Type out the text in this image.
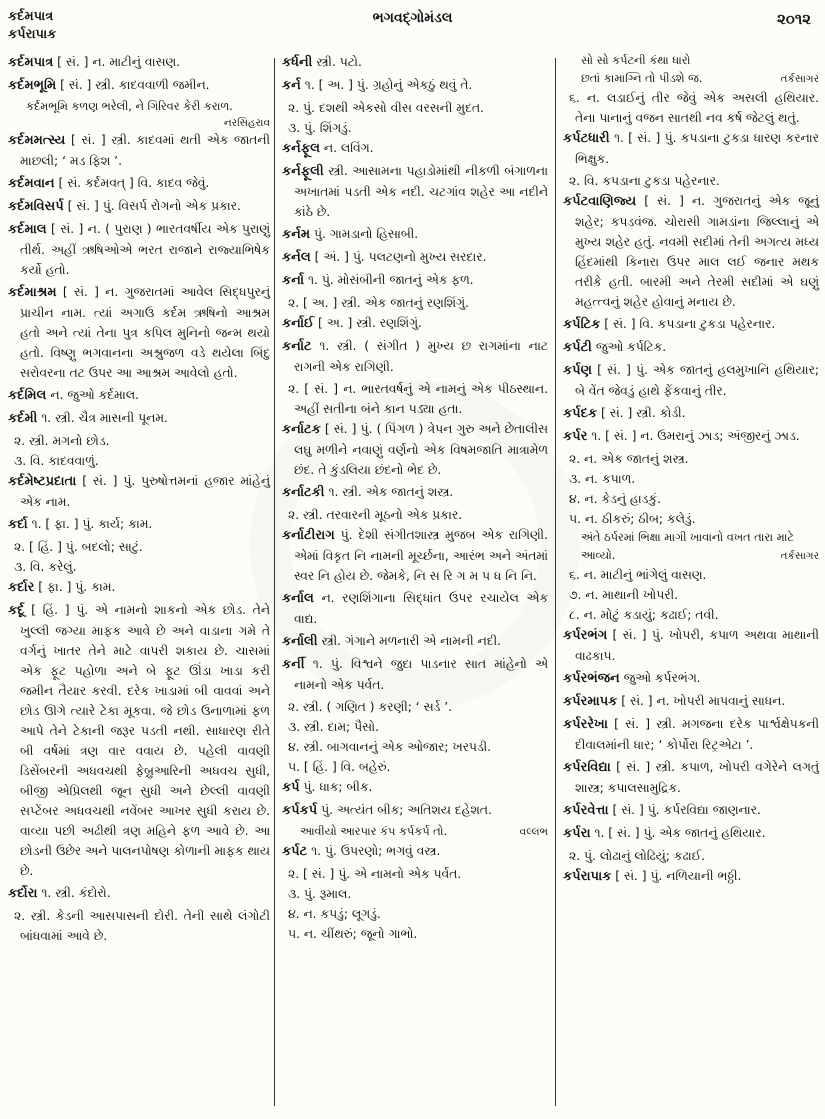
કર્દમપાત્ર
કર્પરાપાક
ભગવદ્ગોમંડલ	૨૦૧૨
કર્દમપાત્ર [ સં. ] ન. માટીનું વાસણ.
કર્દમભૂમિ [ સં. ] સ્ત્રી. કાદવવાળી જમીન.
કર્દમભૂમિ કળણ ભરેલી, ને ગિરિવર કેરી કરાળ.
નરસિંહરાવ
કર્દમમત્સ્ય [ સં. ] સ્ત્રી. કાદવમાં થતી એક જાતની માછલી; ‘ મડ ફિશ ’.
કર્દમવાન [ સં. કર્દમવત્ ] વિ. કાદવ જેવું.
કર્દમવિસર્પ [ સં. ] પું. વિસર્પ રોગનો એક પ્રકાર.
કર્દમાલ [ સં. ] ન. ( પુરાણ ) ભારતવર્ષીય એક પુરાણું તીર્થ. અહીં ઋષિઓએ ભરત રાજાને રાજ્યાભિષેક કર્યો હતો.
કર્દમાશ્રમ [ સં. ] ન. ગુજરાતમાં આવેલ સિદ્ધપુરનું પ્રાચીન નામ. ત્યાં અગાઉ કર્દમ ઋષિનો આશ્રમ હતો અને ત્યાં તેના પુત્ર કપિલ મુનિનો જન્મ થયો હતો. વિષ્ણુ ભગવાનના અશ્રુજળ વડે થયેલા બિંદુ સરોવરના તટ ઉપર આ આશ્રમ આવેલો હતો.
કર્દમિલ ન. જુઓ કર્દમાલ.
કર્દમી ૧. સ્ત્રી. ચૈત્ર માસની પૂનમ.
૨. સ્ત્રી. મગનો છોડ.
૩. વિ. કાદવવાળું.
કર્દમેષ્ટપ્રદાતા [ સં. ] પું. પુરુષોત્તમનાં હજાર માંહેનું એક નામ.
કર્દા ૧. [ ફા. ] પું. કાર્ય; કામ.
૨. [ હિં. ] પું. બદલો; સાટું.
૩. વિ. કરેલું.
કર્દાર [ ફા. ] પું. કામ.
કર્દૂ [ હિં. ] પું. એ નામનો શાકનો એક છોડ. તેને ખુલ્લી જગ્યા માફક આવે છે અને વાડાના ગમે તે વર્ગનું ખાતર તેને માટે વાપરી શકાય છે. ચાસમાં એક ફૂટ પહોળા અને બે ફૂટ ઊંડા ખાડા કરી જમીન તૈયાર કરવી. દરેક ખાડામાં બી વાવવાં અને છોડ ઊગે ત્યારે ટેકા મૂકવા. જે છોડ ઉનાળામાં ફળ આપે તેને ટેકાની જરૂર પડતી નથી. સાધારણ રીતે બી વર્ષમાં ત્રણ વાર વવાય છે. પહેલી વાવણી ડિસેંબરની અધવચથી ફેબ્રુઆરિની અધવચ સુધી, બીજી એપ્રિલથી જૂન સુધી અને છેલ્લી વાવણી સપ્ટેંબર અધવચથી નવેંબર આખર સુધી કરાય છે. વાવ્યા પછી અઢીથી ત્રણ મહિને ફળ આવે છે. આ છોડની ઉછેર અને પાલનપોષણ કોળાની માફક થાય છે.
કર્દોરા ૧. સ્ત્રી. કંદોરો.
૨. સ્ત્રી. કેડની આસપાસની દોરી. તેની સાથે લંગોટી બાંધવામાં આવે છે.
કર્ધની સ્ત્રી. પટો.
કર્ન ૧. [ અ. ] પું. ગ્રહોનું એકઠું થવું તે.
૨. પું. દશથી એકસો વીસ વરસની મુદત.
૩. પું. શિંગડું.
કર્નફૂલ ન. લવિંગ.
કર્નફૂલી સ્ત્રી. આસામના પહાડોમાંથી નીકળી બંગાળના અખાતમાં પડતી એક નદી. ચટગાંવ શહેર આ નદીને કાંઠે છે.
કર્નમ પું. ગામડાનો હિસાબી.
કર્નલ [ અં. ] પું. પલટણનો મુખ્ય સરદાર.
કર્ના ૧. પું. મોસંબીની જાતનું એક ફળ.
૨. [ અ. ] સ્ત્રી. એક જાતનું રણશિંગું.
કર્નાઈ [ અ. ] સ્ત્રી. રણશિંગું.
કર્નાટ ૧. સ્ત્રી. ( સંગીત ) મુખ્ય છ રાગમાંના નાટ રાગની એક રાગિણી.
૨. [ સં. ] ન. ભારતવર્ષનું એ નામનું એક પીઠસ્થાન. અહીં સતીના બંને કાન પડ્યા હતા.
કર્નાટક [ સં. ] પું. ( પિંગળ ) ત્રેપન ગુરુ અને છેતાલીસ લઘુ મળીને નવાણું વર્ણનો એક વિષમજાતિ માત્રામેળ છંદ. તે કુંડલિયા છંદનો ભેદ છે.
કર્નાટકી ૧. સ્ત્રી. એક જાતનું શસ્ત્ર.
૨. સ્ત્રી. તરવારની મૂઠનો એક પ્રકાર.
કર્નાટીરાગ પું. દેશી સંગીતશાસ્ત્ર મુજબ એક રાગિણી. એમાં વિકૃત નિ નામની મૂર્ચ્છના, આરંભ અને અંતમાં સ્વર નિ હોય છે. જેમકે, નિ સ રિ ગ મ પ ધ નિ નિ.
કર્નાલ ન. રણશિંગાના સિદ્ધાંત ઉપર રચાયેલ એક વાદ્ય.
કર્નાલી સ્ત્રી. ગંગાને મળનારી એ નામની નદી.
કર્ની ૧. પું. વિશ્વને જુદા પાડનાર સાત માંહેનો એ નામનો એક પર્વત.
૨. સ્ત્રી. ( ગણિત ) કરણી; ‘ સર્ડ ’.
૩. સ્ત્રી. દામ; પૈસો.
૪. સ્ત્રી. બાગવાનનું એક ઓજાર; ખરપડી.
૫. [ હિં. ] વિ. બહેરું.
કર્પ પું. ધાક; બીક.
કર્પકર્પ પું. અત્યંત બીક; અતિશય દહેશત.
આવીયો આરપાર કંપ કર્પકર્પ તો.	વલ્લભ
કર્પટ ૧. પું. ઉપરણો; ભગવું વસ્ત્ર.
૨. [ સં. ] પું. એ નામનો એક પર્વત.
૩. પું. રૂમાલ.
૪. ન. કપડું; લૂગડું.
૫. ન. ચીંથરું; જૂનો ગાભો.
સો સો કર્પટની કંથા ધારો
છતાં કામાગ્નિ તો પીડશે જ.	તર્કસાગર
૬. ન. લડાઈનું તીર જેવું એક અસલી હથિયાર. તેના પાનાનું વજન સાતથી નવ કર્ષ જેટલું થતું.
કર્પટધારી ૧. [ સં. ] પું. કપડાના ટુકડા ધારણ કરનાર ભિક્ષુક.
૨. વિ. કપડાના ટુકડા પહેરનાર.
કર્પટવાણિજ્ય [ સં. ] ન. ગુજરાતનું એક જૂનું શહેર; કપડવંજ. ચોરાસી ગામડાંના જિલ્લાનું એ મુખ્ય શહેર હતું. નવમી સદીમાં તેની અગત્ય મધ્ય હિંદમાંથી કિનારા ઉપર માલ લઈ જનાર મથક તરીકે હતી. બારમી અને તેરમી સદીમાં એ ઘણું મહત્ત્વનું શહેર હોવાનું મનાય છે.
કર્પટિક [ સં. ] વિ. કપડાના ટુકડા પહેરનાર.
કર્પટી જુઓ કર્પટિક.
કર્પણ [ સં. ] પું. એક જાતનું હલમુખાનિ હથિયાર; બે વેંત જેવડું હાથે ફેંકવાનું તીર.
કર્પદક [ સં. ] સ્ત્રી. કોડી.
કર્પર ૧. [ સં. ] ન. ઉમરાનું ઝાડ; અંજીરનું ઝાડ.
૨. ન. એક જાતનું શસ્ત્ર.
૩. ન. કપાળ.
૪. ન. કેડનું હાડકું.
૫. ન. ઠીકરું; ઠીબ; કલેડું.
અંતે ઠર્પરમાં ભિક્ષા માગી ખાવાનો વખત તારા માટે આવ્યો.	તર્કસાગર
૬. ન. માટીનું ભાંગેલું વાસણ.
૭. ન. માથાની ખોપરી.
૮. ન. મોટું કડાયું; કઢાઈ; તવી.
કર્પરભંગ [ સં. ] પું. ખોપરી, કપાળ અથવા માથાની વાઢકાપ.
કર્પરભંજન જુઓ કર્પરભંગ.
કર્પરમાપક [ સં. ] ન. ખોપરી માપવાનું સાધન.
કર્પરરેખા [ સં. ] સ્ત્રી. મગજના દરેક પાર્શ્વક્ષેપકની દીવાલમાંની ધાર; ‘ કોર્પોરા રિટ્રએટા ’.
કર્પરવિદ્યા [ સં. ] સ્ત્રી. કપાળ, ખોપરી વગેરેને લગતું શાસ્ત્ર; કપાલસામુદ્રિક.
કર્પરવેત્તા [ સં. ] પું. કર્પરવિદ્યા જાણનાર.
કર્પરા ૧. [ સં. ] પું. એક જાતનું હથિયાર.
૨. પું. લોઢાનું લોઢિયું; કઢાઈ.
કર્પરાપાક [ સં. ] પું. નળિયાની ભઠ્ઠી.
